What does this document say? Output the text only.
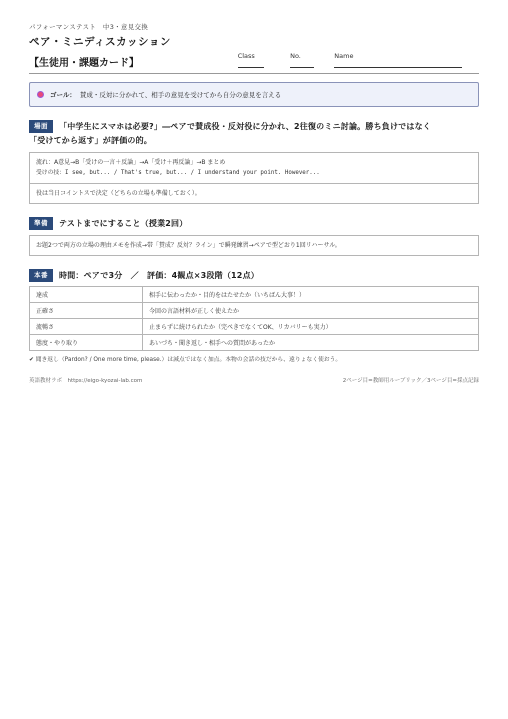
パフォーマンステスト　中3・意見交換
ペア・ミニディスカッション
【生徒用・課題カード】
Class	No.	Name
ゴール： 賛成・反対に分かれて、相手の意見を受けてから自分の意見を言える
場面	「中学生にスマホは必要?」―ペアで賛成役・反対役に分かれ、2往復のミニ討論。勝ち負けではなく
「受けてから返す」が評価の的。
流れ：A意見→B「受けの一言＋反論」→A「受け＋再反論」→B まとめ
受けの技：I see, but... / That's true, but... / I understand your point. However...
役は当日コイントスで決定（どちらの立場も準備しておく）。
準備	テストまでにすること（授業2回）
お題2つで両方の立場の理由メモを作成→帯「賛成？反対？ライン」で瞬発練習→ペアで型どおり1回リハーサル。
本番	時間：ペアで3分　／　評価：4観点×3段階（12点）
達成	相手に伝わったか・目的をはたせたか（いちばん大事！）
正確さ	今回の言語材料が正しく使えたか
流暢さ	止まらずに続けられたか（完ぺきでなくてOK、リカバリーも実力）
態度・やり取り	あいづち・聞き返し・相手への質問があったか
✔ 聞き返し（Pardon? / One more time, please.）は減点ではなく加点。本物の会話の技だから、遠りょなく使おう。
英語教材ラボ　https://eigo-kyozai-lab.com	2ページ目=教師用ルーブリック／3ページ目=採点記録
